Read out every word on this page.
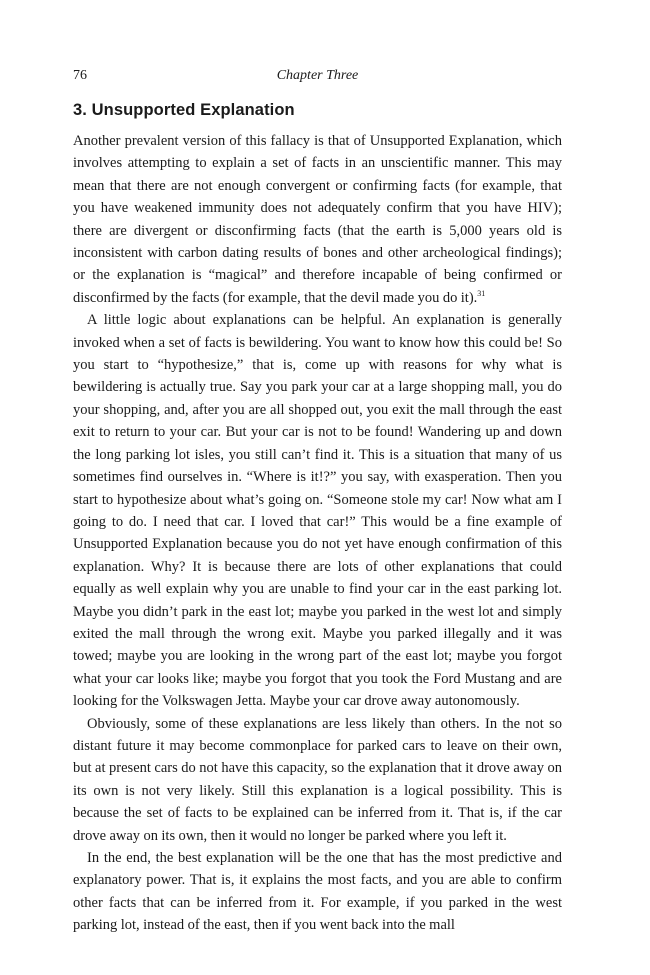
76	Chapter Three
3. Unsupported Explanation

Another prevalent version of this fallacy is that of Unsupported Explanation, which involves attempting to explain a set of facts in an unscientific manner. This may mean that there are not enough convergent or confirming facts (for example, that you have weakened immunity does not adequately confirm that you have HIV); there are divergent or disconfirming facts (that the earth is 5,000 years old is inconsistent with carbon dating results of bones and other archeological findings); or the explanation is “magical” and therefore incapable of being confirmed or disconfirmed by the facts (for example, that the devil made you do it).$^{31}$

A little logic about explanations can be helpful. An explanation is generally invoked when a set of facts is bewildering. You want to know how this could be! So you start to “hypothesize,” that is, come up with reasons for why what is bewildering is actually true. Say you park your car at a large shopping mall, you do your shopping, and, after you are all shopped out, you exit the mall through the east exit to return to your car. But your car is not to be found! Wandering up and down the long parking lot isles, you still can’t find it. This is a situation that many of us sometimes find ourselves in. “Where is it!?” you say, with exasperation. Then you start to hypothesize about what’s going on. “Someone stole my car! Now what am I going to do. I need that car. I loved that car!” This would be a fine example of Unsupported Explanation because you do not yet have enough confirmation of this explanation. Why? It is because there are lots of other explanations that could equally as well explain why you are unable to find your car in the east parking lot. Maybe you didn’t park in the east lot; maybe you parked in the west lot and simply exited the mall through the wrong exit. Maybe you parked illegally and it was towed; maybe you are looking in the wrong part of the east lot; maybe you forgot what your car looks like; maybe you forgot that you took the Ford Mustang and are looking for the Volkswagen Jetta. Maybe your car drove away autonomously.

Obviously, some of these explanations are less likely than others. In the not so distant future it may become commonplace for parked cars to leave on their own, but at present cars do not have this capacity, so the explanation that it drove away on its own is not very likely. Still this explanation is a logical possibility. This is because the set of facts to be explained can be inferred from it. That is, if the car drove away on its own, then it would no longer be parked where you left it.

In the end, the best explanation will be the one that has the most predictive and explanatory power. That is, it explains the most facts, and you are able to confirm other facts that can be inferred from it. For example, if you parked in the west parking lot, instead of the east, then if you went back into the mall
